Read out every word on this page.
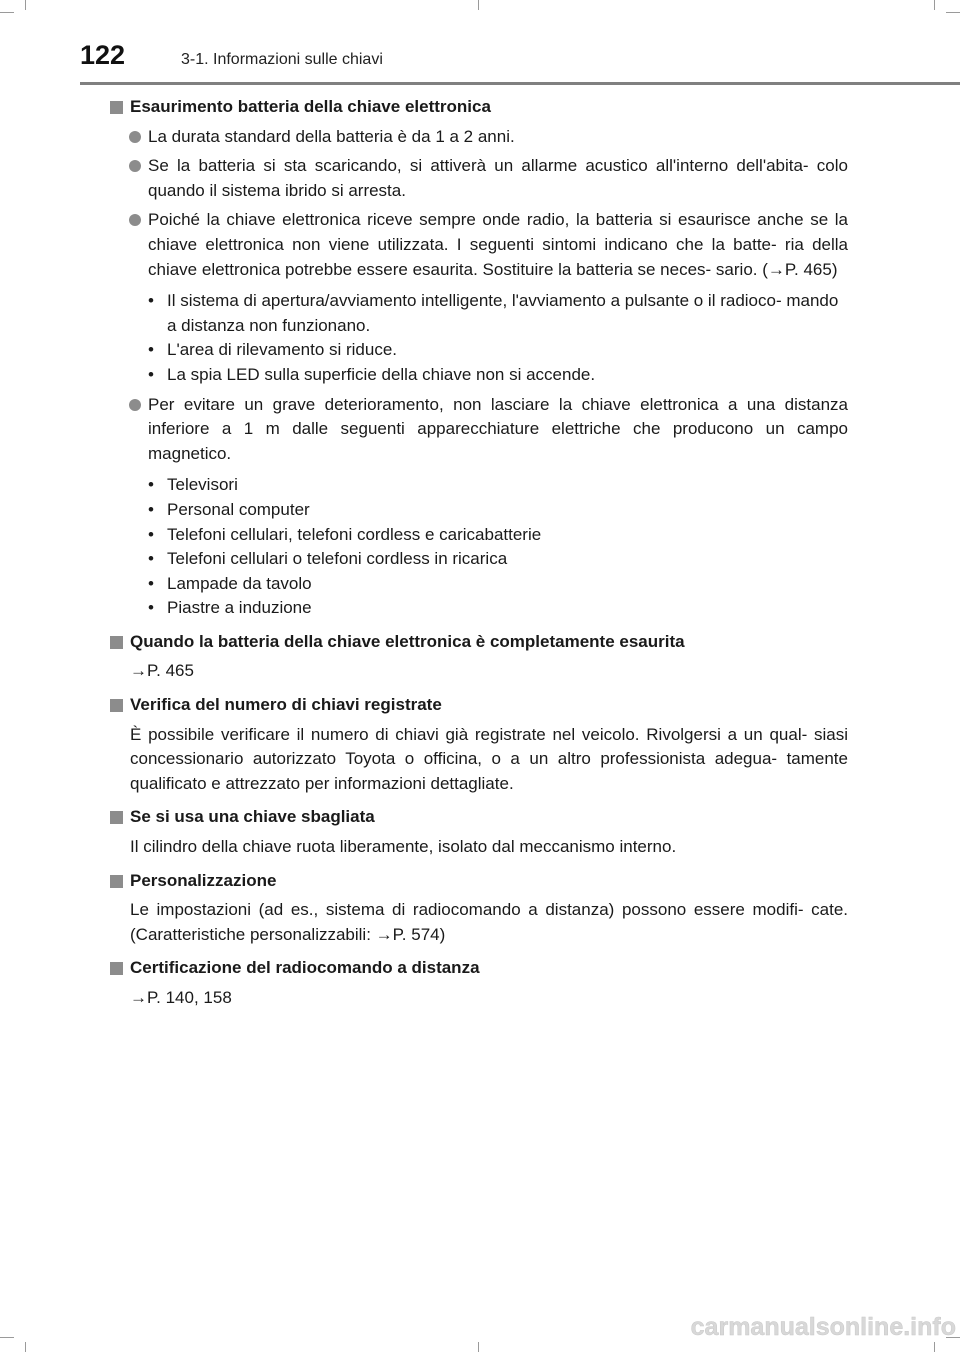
122	3-1. Informazioni sulle chiavi
Esaurimento batteria della chiave elettronica
La durata standard della batteria è da 1 a 2 anni.
Se la batteria si sta scaricando, si attiverà un allarme acustico all'interno dell'abita- colo quando il sistema ibrido si arresta.
Poiché la chiave elettronica riceve sempre onde radio, la batteria si esaurisce anche se la chiave elettronica non viene utilizzata. I seguenti sintomi indicano che la batte- ria della chiave elettronica potrebbe essere esaurita. Sostituire la batteria se neces- sario. (→P. 465)
• Il sistema di apertura/avviamento intelligente, l'avviamento a pulsante o il radioco- mando a distanza non funzionano.
• L'area di rilevamento si riduce.
• La spia LED sulla superficie della chiave non si accende.
Per evitare un grave deterioramento, non lasciare la chiave elettronica a una distanza inferiore a 1 m dalle seguenti apparecchiature elettriche che producono un campo magnetico.
• Televisori
• Personal computer
• Telefoni cellulari, telefoni cordless e caricabatterie
• Telefoni cellulari o telefoni cordless in ricarica
• Lampade da tavolo
• Piastre a induzione
Quando la batteria della chiave elettronica è completamente esaurita
→P. 465
Verifica del numero di chiavi registrate
È possibile verificare il numero di chiavi già registrate nel veicolo. Rivolgersi a un qual- siasi concessionario autorizzato Toyota o officina, o a un altro professionista adegua- tamente qualificato e attrezzato per informazioni dettagliate.
Se si usa una chiave sbagliata
Il cilindro della chiave ruota liberamente, isolato dal meccanismo interno.
Personalizzazione
Le impostazioni (ad es., sistema di radiocomando a distanza) possono essere modifi- cate. (Caratteristiche personalizzabili: →P. 574)
Certificazione del radiocomando a distanza
→P. 140, 158
carmanualsonline.info
